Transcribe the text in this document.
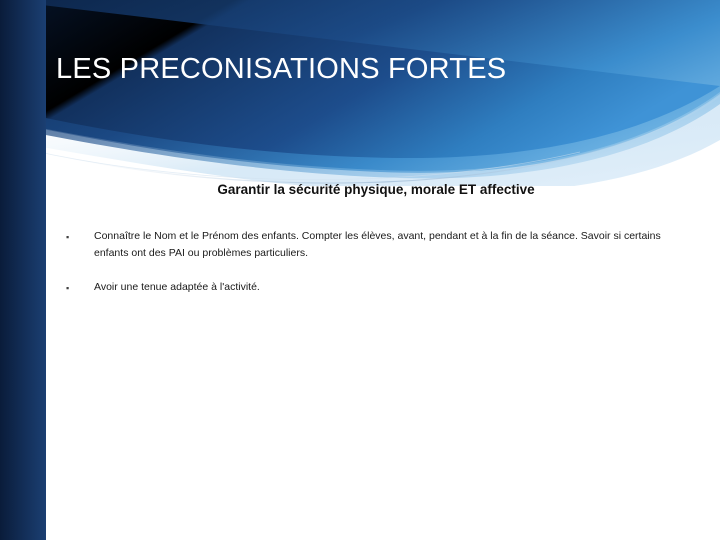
LES PRECONISATIONS FORTES
Garantir la sécurité physique, morale ET affective
▪ Connaître le Nom et le Prénom des enfants. Compter les élèves, avant, pendant et à la fin de la séance. Savoir si certains enfants ont des PAI ou problèmes particuliers.
▪ Avoir une tenue adaptée à l'activité.
